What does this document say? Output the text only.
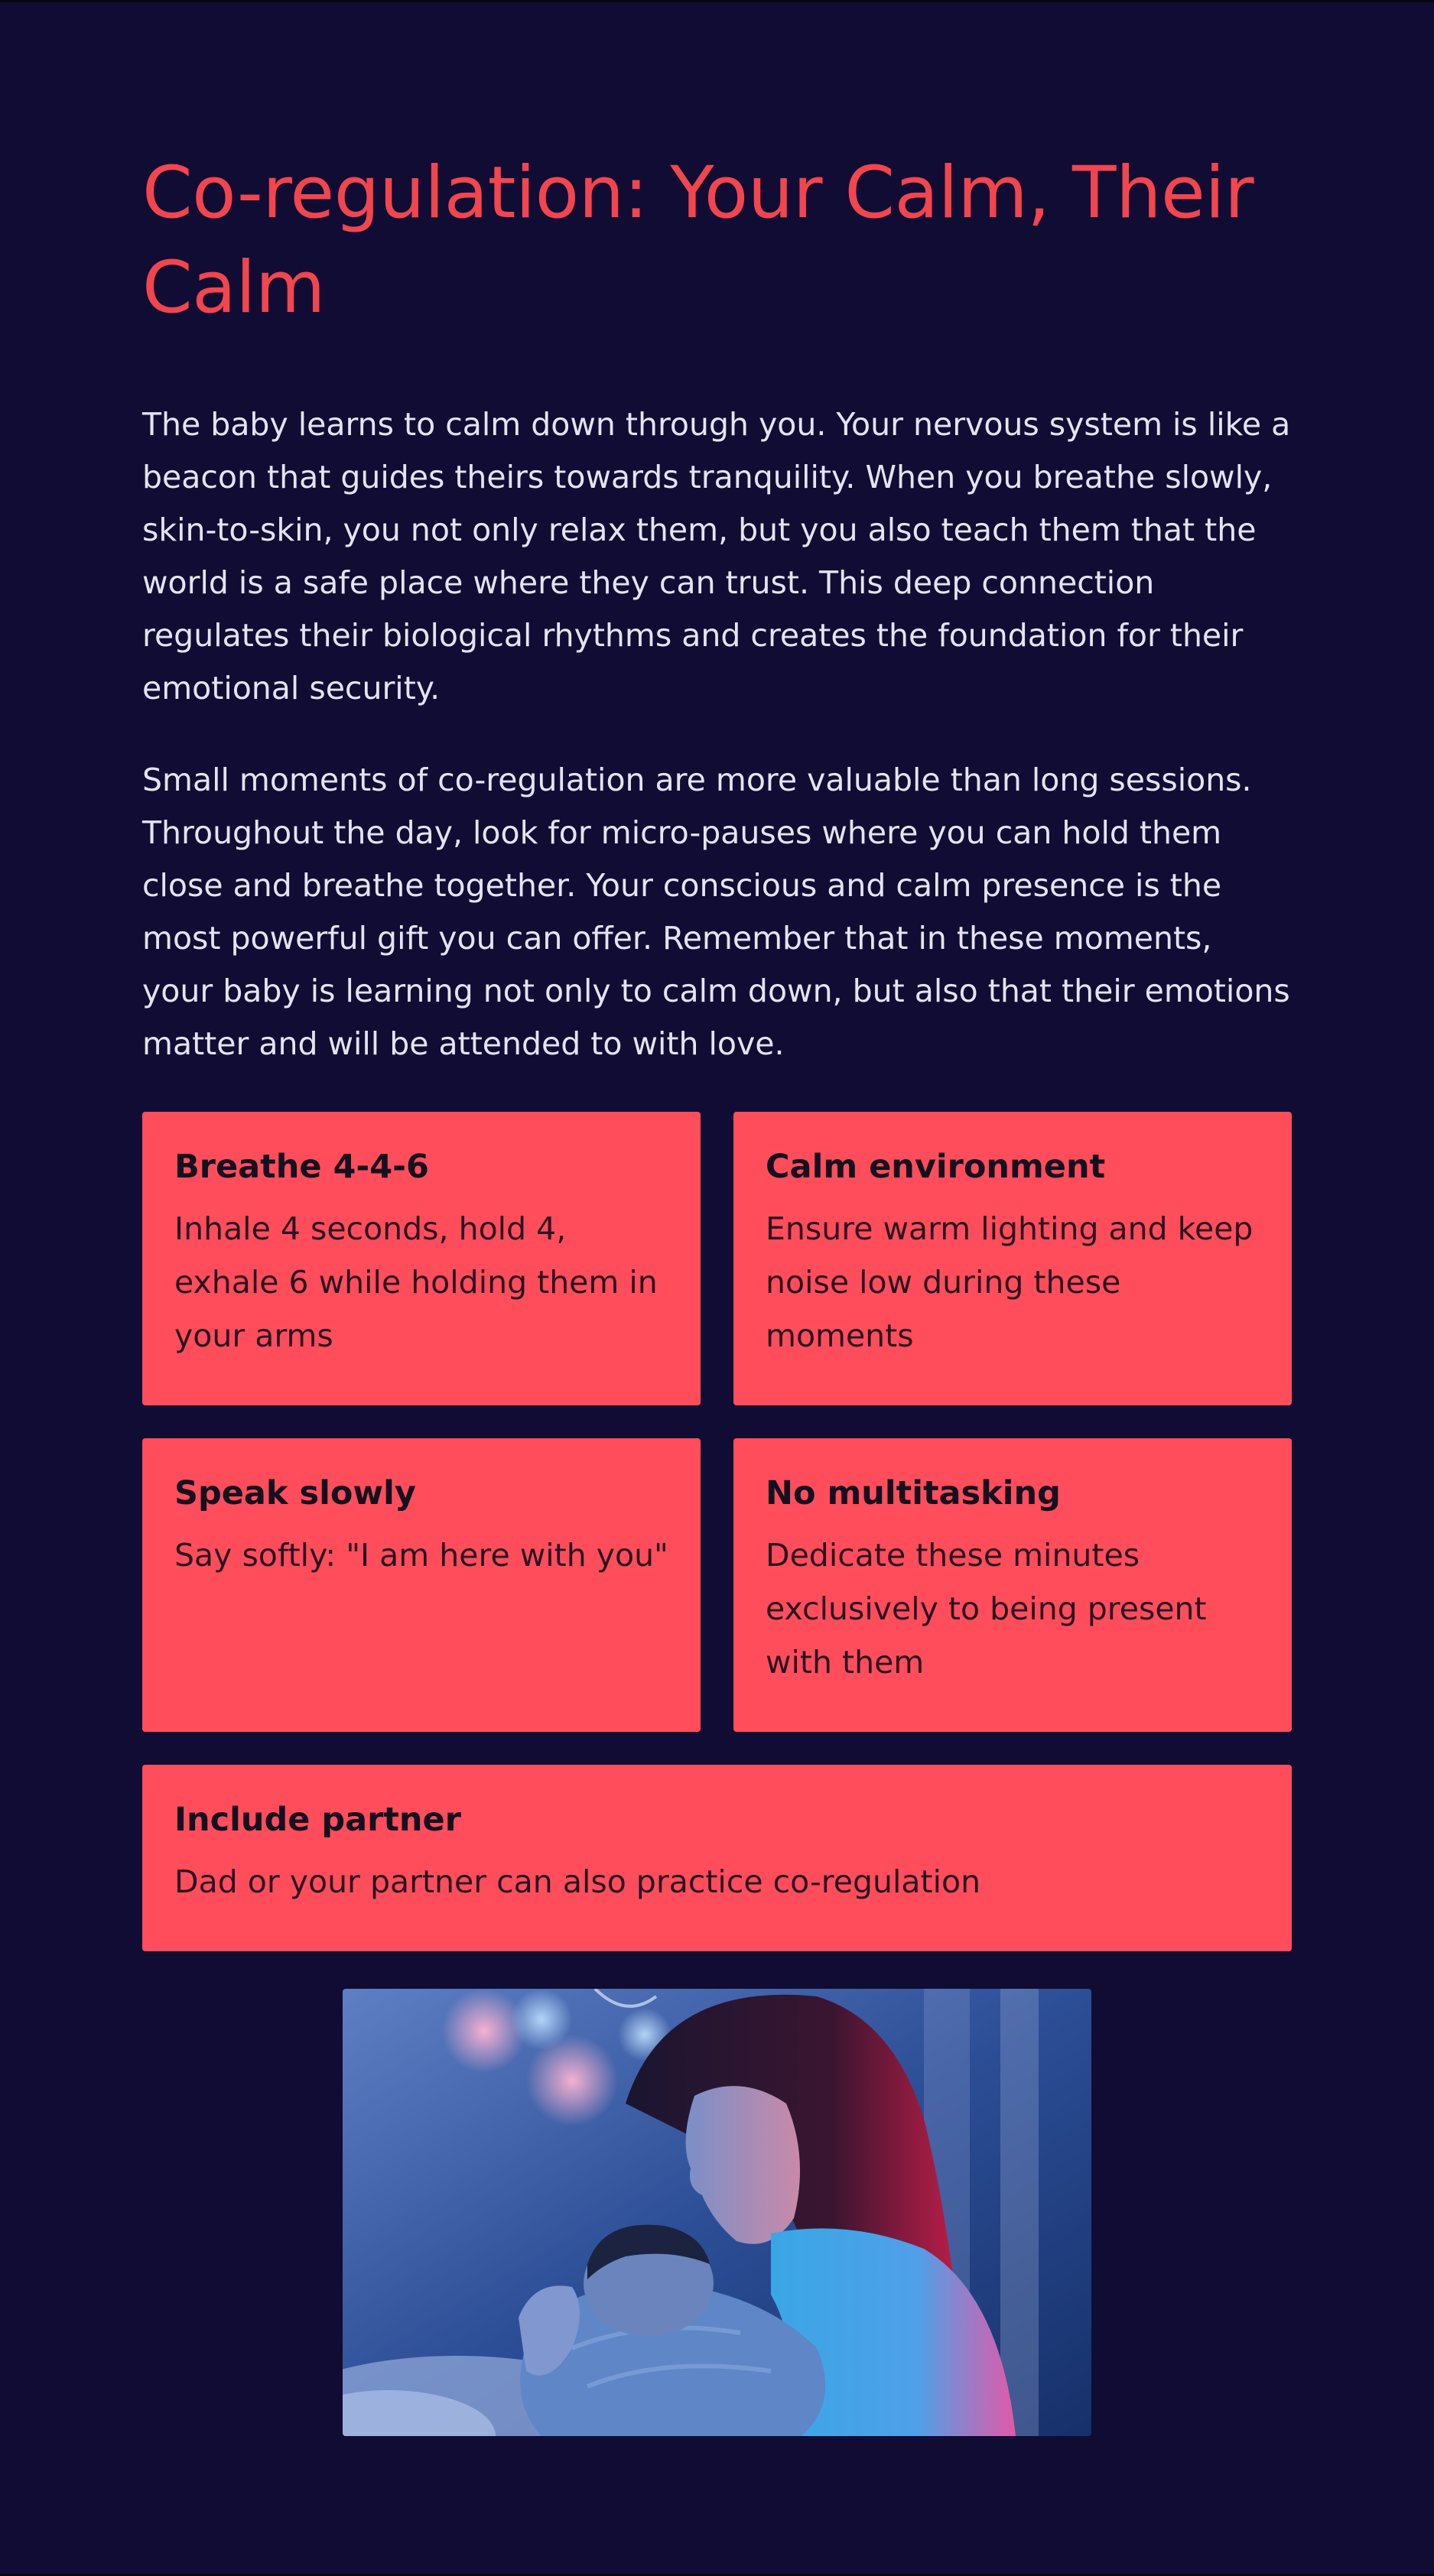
Co-regulation: Your Calm, Their Calm

The baby learns to calm down through you. Your nervous system is like a beacon that guides theirs towards tranquility. When you breathe slowly, skin-to-skin, you not only relax them, but you also teach them that the world is a safe place where they can trust. This deep connection regulates their biological rhythms and creates the foundation for their emotional security.

Small moments of co-regulation are more valuable than long sessions. Throughout the day, look for micro-pauses where you can hold them close and breathe together. Your conscious and calm presence is the most powerful gift you can offer. Remember that in these moments, your baby is learning not only to calm down, but also that their emotions matter and will be attended to with love.

Breathe 4-4-6

Inhale 4 seconds, hold 4, exhale 6 while holding them in your arms

Calm environment

Ensure warm lighting and keep noise low during these moments

Speak slowly

Say softly: "I am here with you"

No multitasking

Dedicate these minutes exclusively to being present with them

Include partner

Dad or your partner can also practice co-regulation
